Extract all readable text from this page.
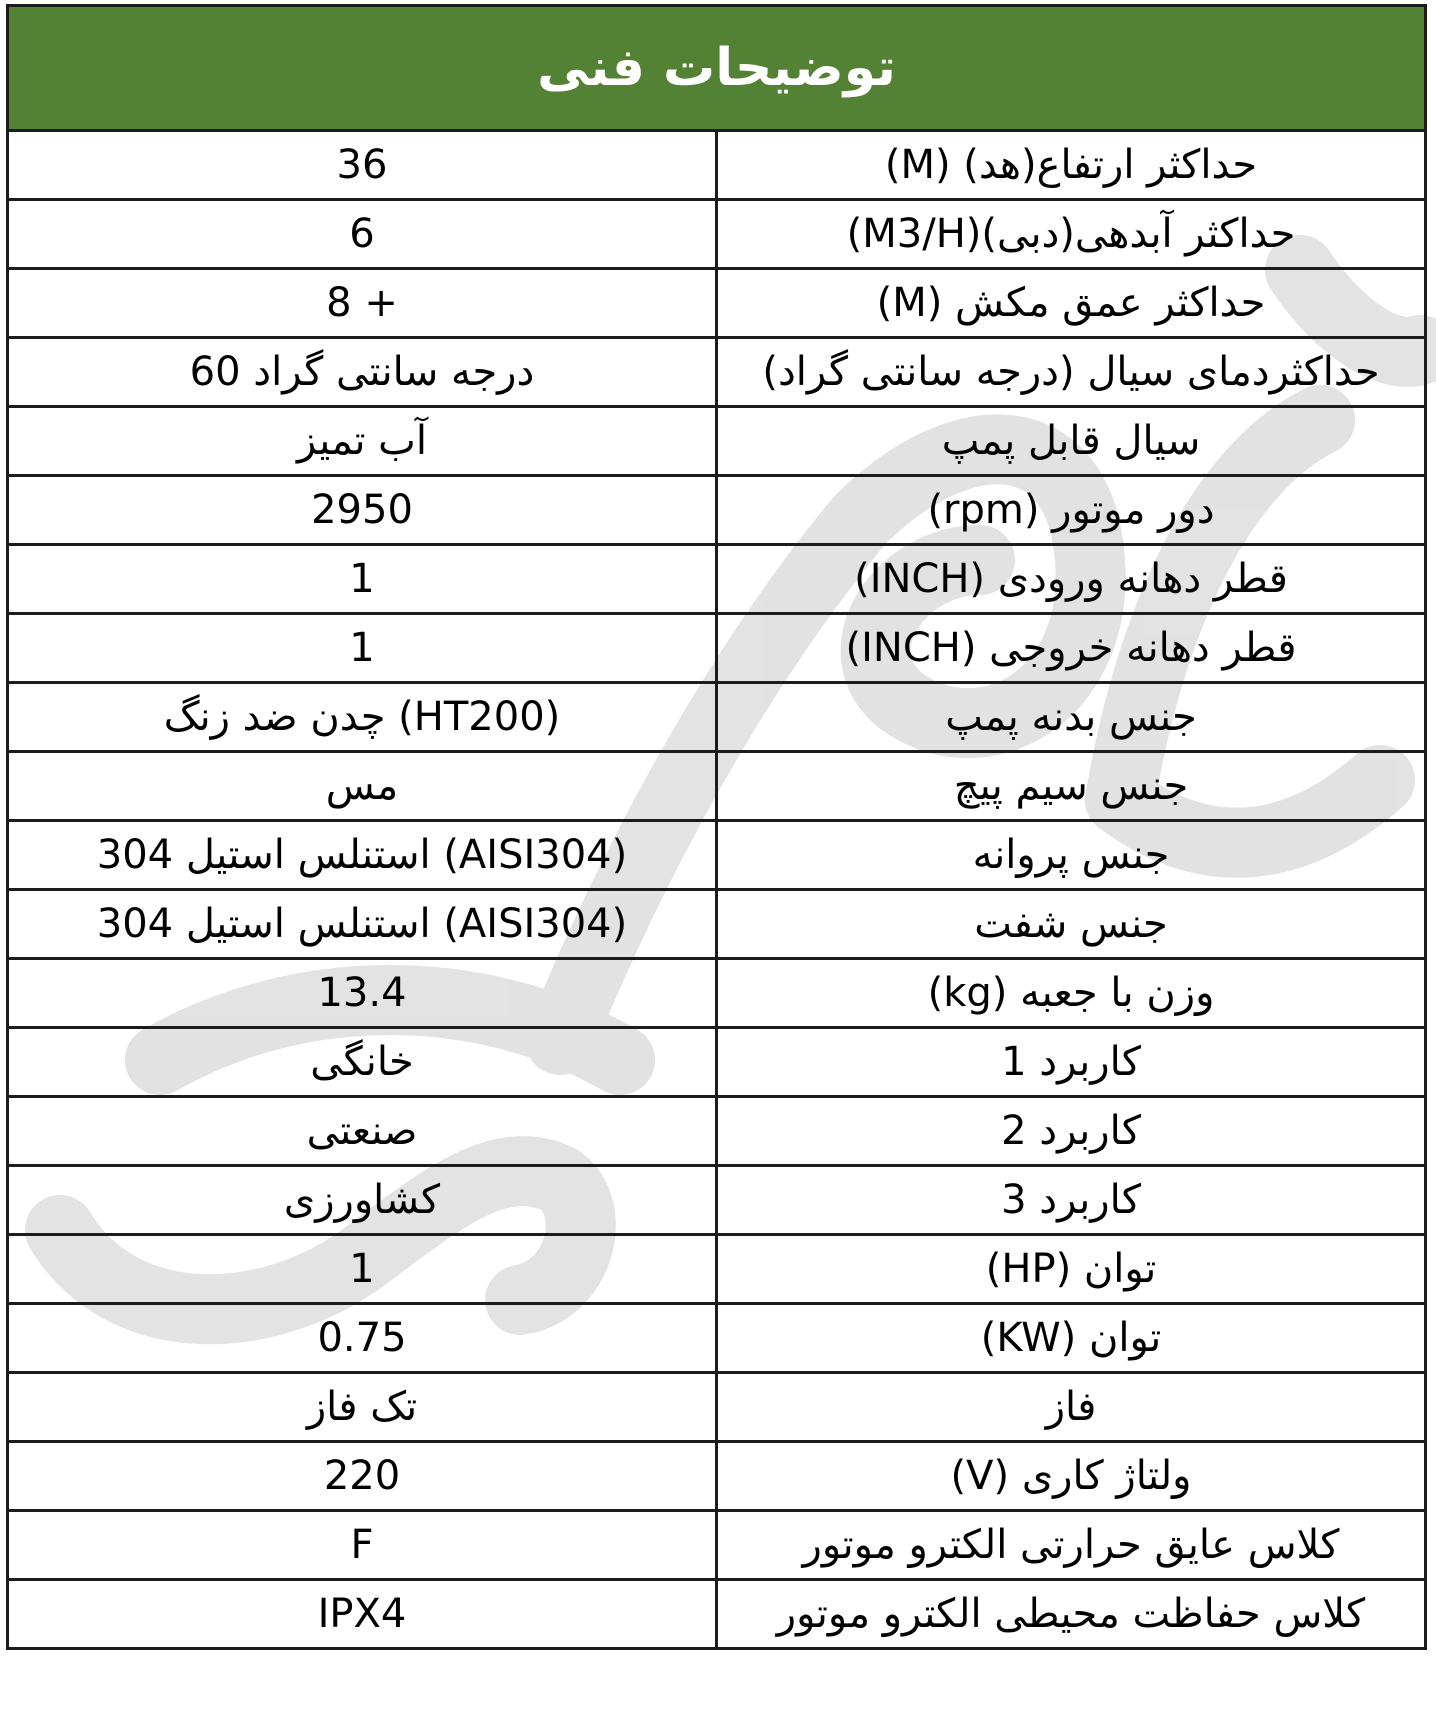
توضیحات فنی	
36	حداکثر ارتفاع(هد) (M)
6	حداکثر آبدهی(دبی)(M3/H)
8 +	حداکثر عمق مکش (M)
60 درجه سانتی گراد	حداکثردمای سیال (درجه سانتی گراد)
آب تمیز	سیال قابل پمپ
2950	دور موتور (rpm)
1	قطر دهانه ورودی (INCH)
1	قطر دهانه خروجی (INCH)
چدن ضد زنگ (HT200)	جنس بدنه پمپ
مس	جنس سیم پیچ
استنلس استیل 304 (AISI304)	جنس پروانه
استنلس استیل 304 (AISI304)	جنس شفت
13.4	وزن با جعبه (kg)
خانگی	کاربرد 1
صنعتی	کاربرد 2
کشاورزی	کاربرد 3
1	توان (HP)
0.75	توان (KW)
تک فاز	فاز
220	ولتاژ کاری (V)
F	کلاس عایق حرارتی الکترو موتور
IPX4	کلاس حفاظت محیطی الکترو موتور
